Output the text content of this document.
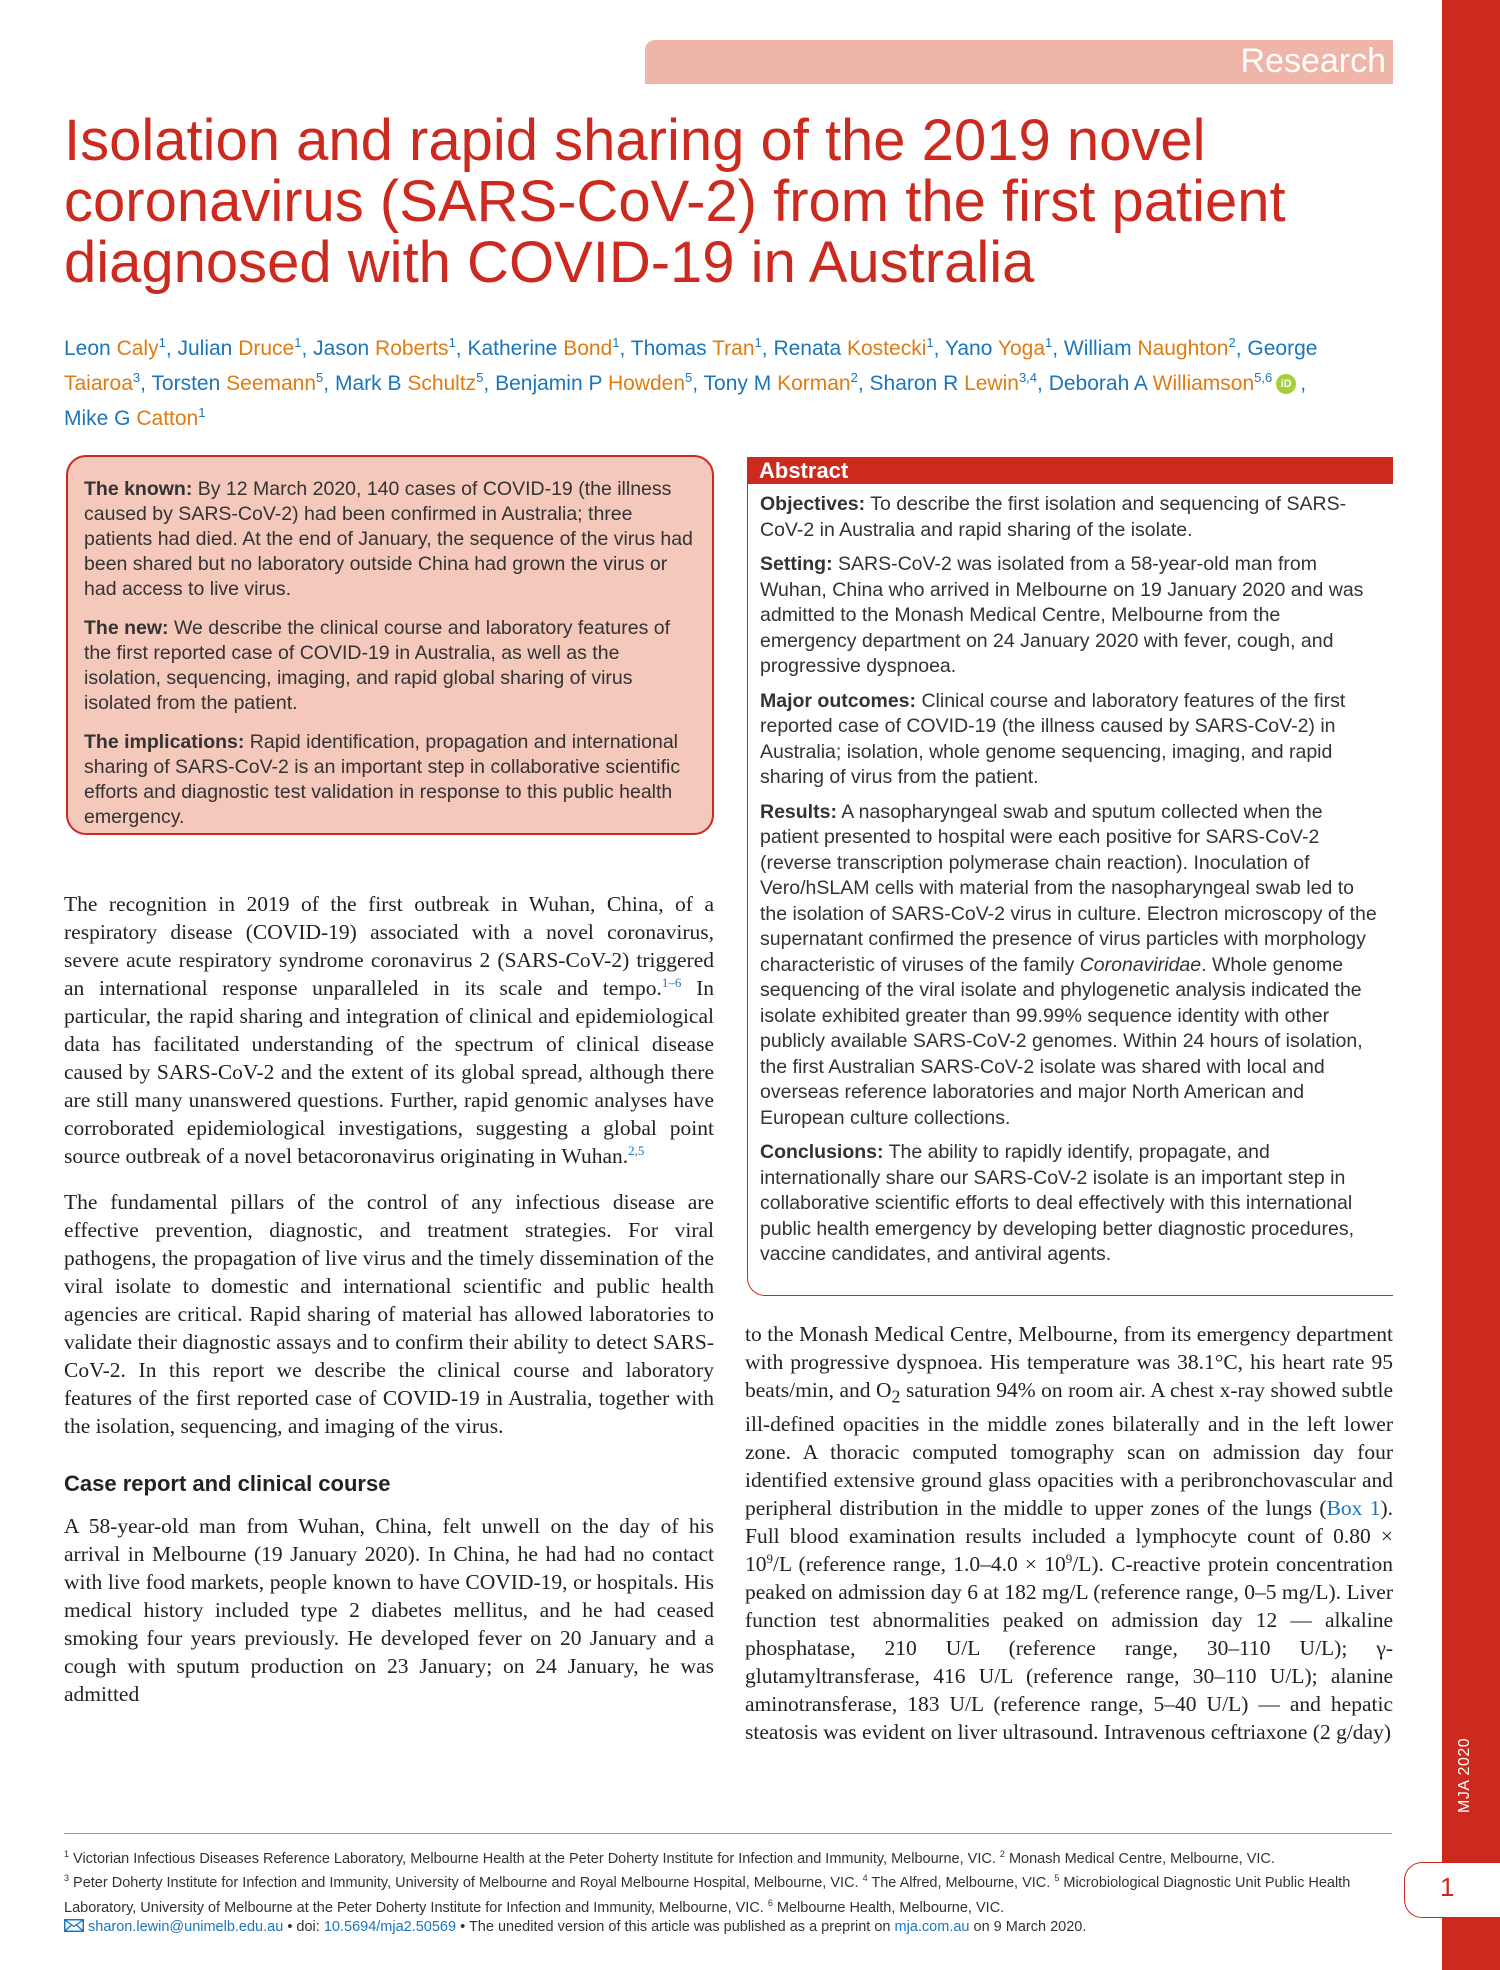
MJA 2020
1
Research
Isolation and rapid sharing of the 2019 novel coronavirus (SARS-CoV-2) from the first patient diagnosed with COVID-19 in Australia

Leon Caly$^1$, Julian Druce$^1$, Jason Roberts$^1$, Katherine Bond$^1$, Thomas Tran$^1$, Renata Kostecki$^1$, Yano Yoga$^1$, William Naughton$^2$, George Taiaroa$^3$, Torsten Seemann$^5$, Mark B Schultz$^5$, Benjamin P Howden$^5$, Tony M Korman$^2$, Sharon R Lewin$^{3,4}$, Deborah A Williamson$^{5,6}$ iD , Mike G Catton$^1$

The known: By 12 March 2020, 140 cases of COVID-19 (the illness caused by SARS-CoV-2) had been confirmed in Australia; three patients had died. At the end of January, the sequence of the virus had been shared but no laboratory outside China had grown the virus or had access to live virus.

The new: We describe the clinical course and laboratory features of the first reported case of COVID-19 in Australia, as well as the isolation, sequencing, imaging, and rapid global sharing of virus isolated from the patient.

The implications: Rapid identification, propagation and international sharing of SARS-CoV-2 is an important step in collaborative scientific efforts and diagnostic test validation in response to this public health emergency.

Abstract

Objectives: To describe the first isolation and sequencing of SARS-CoV-2 in Australia and rapid sharing of the isolate.

Setting: SARS-CoV-2 was isolated from a 58-year-old man from Wuhan, China who arrived in Melbourne on 19 January 2020 and was admitted to the Monash Medical Centre, Melbourne from the emergency department on 24 January 2020 with fever, cough, and progressive dyspnoea.

Major outcomes: Clinical course and laboratory features of the first reported case of COVID-19 (the illness caused by SARS-CoV-2) in Australia; isolation, whole genome sequencing, imaging, and rapid sharing of virus from the patient.

Results: A nasopharyngeal swab and sputum collected when the patient presented to hospital were each positive for SARS-CoV-2 (reverse transcription polymerase chain reaction). Inoculation of Vero/hSLAM cells with material from the nasopharyngeal swab led to the isolation of SARS-CoV-2 virus in culture. Electron microscopy of the supernatant confirmed the presence of virus particles with morphology characteristic of viruses of the family Coronaviridae. Whole genome sequencing of the viral isolate and phylogenetic analysis indicated the isolate exhibited greater than 99.99% sequence identity with other publicly available SARS-CoV-2 genomes. Within 24 hours of isolation, the first Australian SARS-CoV-2 isolate was shared with local and overseas reference laboratories and major North American and European culture collections.

Conclusions: The ability to rapidly identify, propagate, and internationally share our SARS-CoV-2 isolate is an important step in collaborative scientific efforts to deal effectively with this international public health emergency by developing better diagnostic procedures, vaccine candidates, and antiviral agents.

The recognition in 2019 of the first outbreak in Wuhan, China, of a respiratory disease (COVID-19) associated with a novel coronavirus, severe acute respiratory syndrome coronavirus 2 (SARS-CoV-2) triggered an international response unparalleled in its scale and tempo.$^{1-6}$ In particular, the rapid sharing and integration of clinical and epidemiological data has facilitated understanding of the spectrum of clinical disease caused by SARS-CoV-2 and the extent of its global spread, although there are still many unanswered questions. Further, rapid genomic analyses have corroborated epidemiological investigations, suggesting a global point source outbreak of a novel betacoronavirus originating in Wuhan.$^{2,5}$

The fundamental pillars of the control of any infectious disease are effective prevention, diagnostic, and treatment strategies. For viral pathogens, the propagation of live virus and the timely dissemination of the viral isolate to domestic and international scientific and public health agencies are critical. Rapid sharing of material has allowed laboratories to validate their diagnostic assays and to confirm their ability to detect SARS-CoV-2. In this report we describe the clinical course and laboratory features of the first reported case of COVID-19 in Australia, together with the isolation, sequencing, and imaging of the virus.

Case report and clinical course

A 58-year-old man from Wuhan, China, felt unwell on the day of his arrival in Melbourne (19 January 2020). In China, he had had no contact with live food markets, people known to have COVID-19, or hospitals. His medical history included type 2 diabetes mellitus, and he had ceased smoking four years previously. He developed fever on 20 January and a cough with sputum production on 23 January; on 24 January, he was admitted

to the Monash Medical Centre, Melbourne, from its emergency department with progressive dyspnoea. His temperature was 38.1°C, his heart rate 95 beats/min, and $O_2$ saturation 94% on room air. A chest x-ray showed subtle ill-defined opacities in the middle zones bilaterally and in the left lower zone. A thoracic computed tomography scan on admission day four identified extensive ground glass opacities with a peribronchovascular and peripheral distribution in the middle to upper zones of the lungs (Box 1). Full blood examination results included a lymphocyte count of $0.80 \times 10^9/L$ (reference range, $1.0-4.0 \times 10^9/L$). C-reactive protein concentration peaked on admission day 6 at 182 mg/L (reference range, 0–5 mg/L). Liver function test abnormalities peaked on admission day 12 — alkaline phosphatase, 210 U/L (reference range, 30–110 U/L); γ-glutamyltransferase, 416 U/L (reference range, 30–110 U/L); alanine aminotransferase, 183 U/L (reference range, 5–40 U/L) — and hepatic steatosis was evident on liver ultrasound. Intravenous ceftriaxone (2 g/day)

$^1$ Victorian Infectious Diseases Reference Laboratory, Melbourne Health at the Peter Doherty Institute for Infection and Immunity, Melbourne, VIC. $^2$ Monash Medical Centre, Melbourne, VIC.
$^3$ Peter Doherty Institute for Infection and Immunity, University of Melbourne and Royal Melbourne Hospital, Melbourne, VIC. $^4$ The Alfred, Melbourne, VIC. $^5$ Microbiological Diagnostic Unit Public Health Laboratory, University of Melbourne at the Peter Doherty Institute for Infection and Immunity, Melbourne, VIC. $^6$ Melbourne Health, Melbourne, VIC.
sharon.lewin@unimelb.edu.au • doi: 10.5694/mja2.50569 • The unedited version of this article was published as a preprint on mja.com.au on 9 March 2020.
